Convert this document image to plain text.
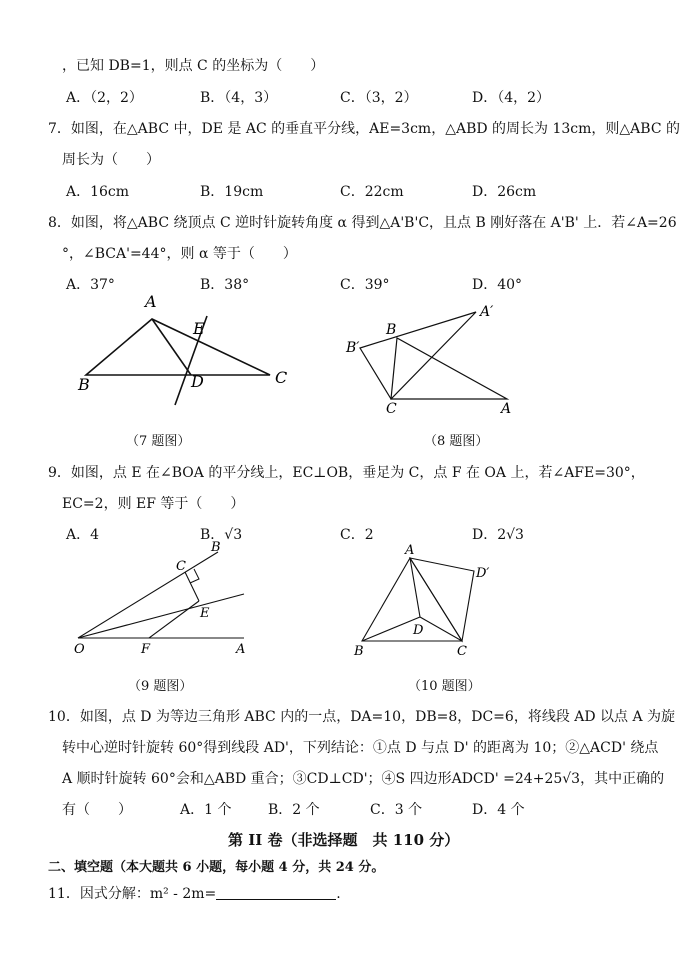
，已知 DB=1，则点 C 的坐标为（　　）
A．（2，2）	B．（4，3）	C．（3，2）	D．（4，2）
7．如图，在△ABC 中，DE 是 AC 的垂直平分线，AE=3cm，△ABD 的周长为 13cm，则△ABC 的
周长为（　　）
A．16cm	B．19cm	C．22cm	D．26cm
8．如图，将△ABC 绕顶点 C 逆时针旋转角度 α 得到△A'B'C，且点 B 刚好落在 A'B' 上．若∠A=26
°，∠BCA'=44°，则 α 等于（　　）
A．37°	B．38°	C．39°	D．40°
A
B	C
D
E
（7 题图）
B
B′
A′
C	A
（8 题图）
9．如图，点 E 在∠BOA 的平分线上，EC⊥OB，垂足为 C，点 F 在 OA 上，若∠AFE=30°，
EC=2，则 EF 等于（　　）
A．4	B．√3	C．2	D．2√3
O	F	A
B
C
E
（9 题图）
A
B	C
D
D′
（10 题图）
10．如图，点 D 为等边三角形 ABC 内的一点，DA=10，DB=8，DC=6，将线段 AD 以点 A 为旋
转中心逆时针旋转 60°得到线段 AD'，下列结论：①点 D 与点 D' 的距离为 10；②△ACD' 绕点
A 顺时针旋转 60°会和△ABD 重合；③CD⊥CD'；④S 四边形ADCD' =24+25√3，其中正确的
有（　　）	A．1 个	B．2 个	C．3 个	D．4 个
第 II 卷（非选择题　共 110 分）
二、填空题（本大题共 6 小题，每小题 4 分，共 24 分。
11．因式分解：m² - 2m=	.
